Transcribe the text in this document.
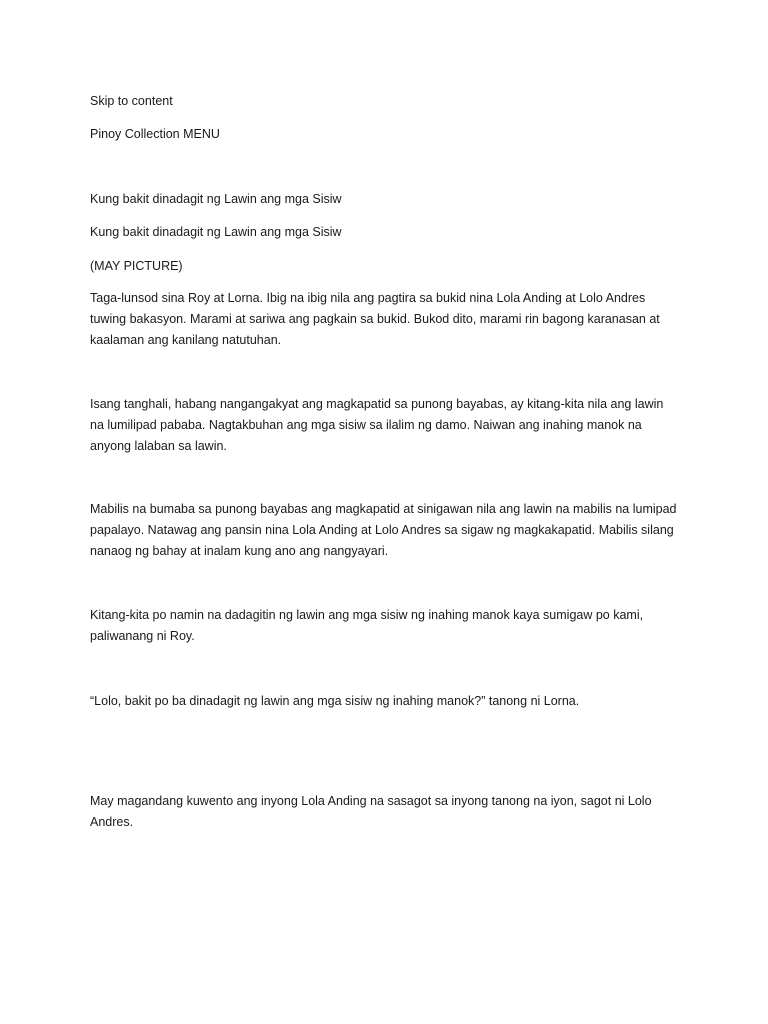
Skip to content

Pinoy Collection MENU

Kung bakit dinadagit ng Lawin ang mga Sisiw

Kung bakit dinadagit ng Lawin ang mga Sisiw

(MAY PICTURE)

Taga-lunsod sina Roy at Lorna. Ibig na ibig nila ang pagtira sa bukid nina Lola Anding at Lolo Andres tuwing bakasyon. Marami at sariwa ang pagkain sa bukid. Bukod dito, marami rin bagong karanasan at kaalaman ang kanilang natutuhan.

Isang tanghali, habang nangangakyat ang magkapatid sa punong bayabas, ay kitang-kita nila ang lawin na lumilipad pababa. Nagtakbuhan ang mga sisiw sa ilalim ng damo. Naiwan ang inahing manok na anyong lalaban sa lawin.

Mabilis na bumaba sa punong bayabas ang magkapatid at sinigawan nila ang lawin na mabilis na lumipad papalayo. Natawag ang pansin nina Lola Anding at Lolo Andres sa sigaw ng magkakapatid. Mabilis silang nanaog ng bahay at inalam kung ano ang nangyayari.

Kitang-kita po namin na dadagitin ng lawin ang mga sisiw ng inahing manok kaya sumigaw po kami, paliwanang ni Roy.

“Lolo, bakit po ba dinadagit ng lawin ang mga sisiw ng inahing manok?” tanong ni Lorna.

May magandang kuwento ang inyong Lola Anding na sasagot sa inyong tanong na iyon, sagot ni Lolo Andres.
